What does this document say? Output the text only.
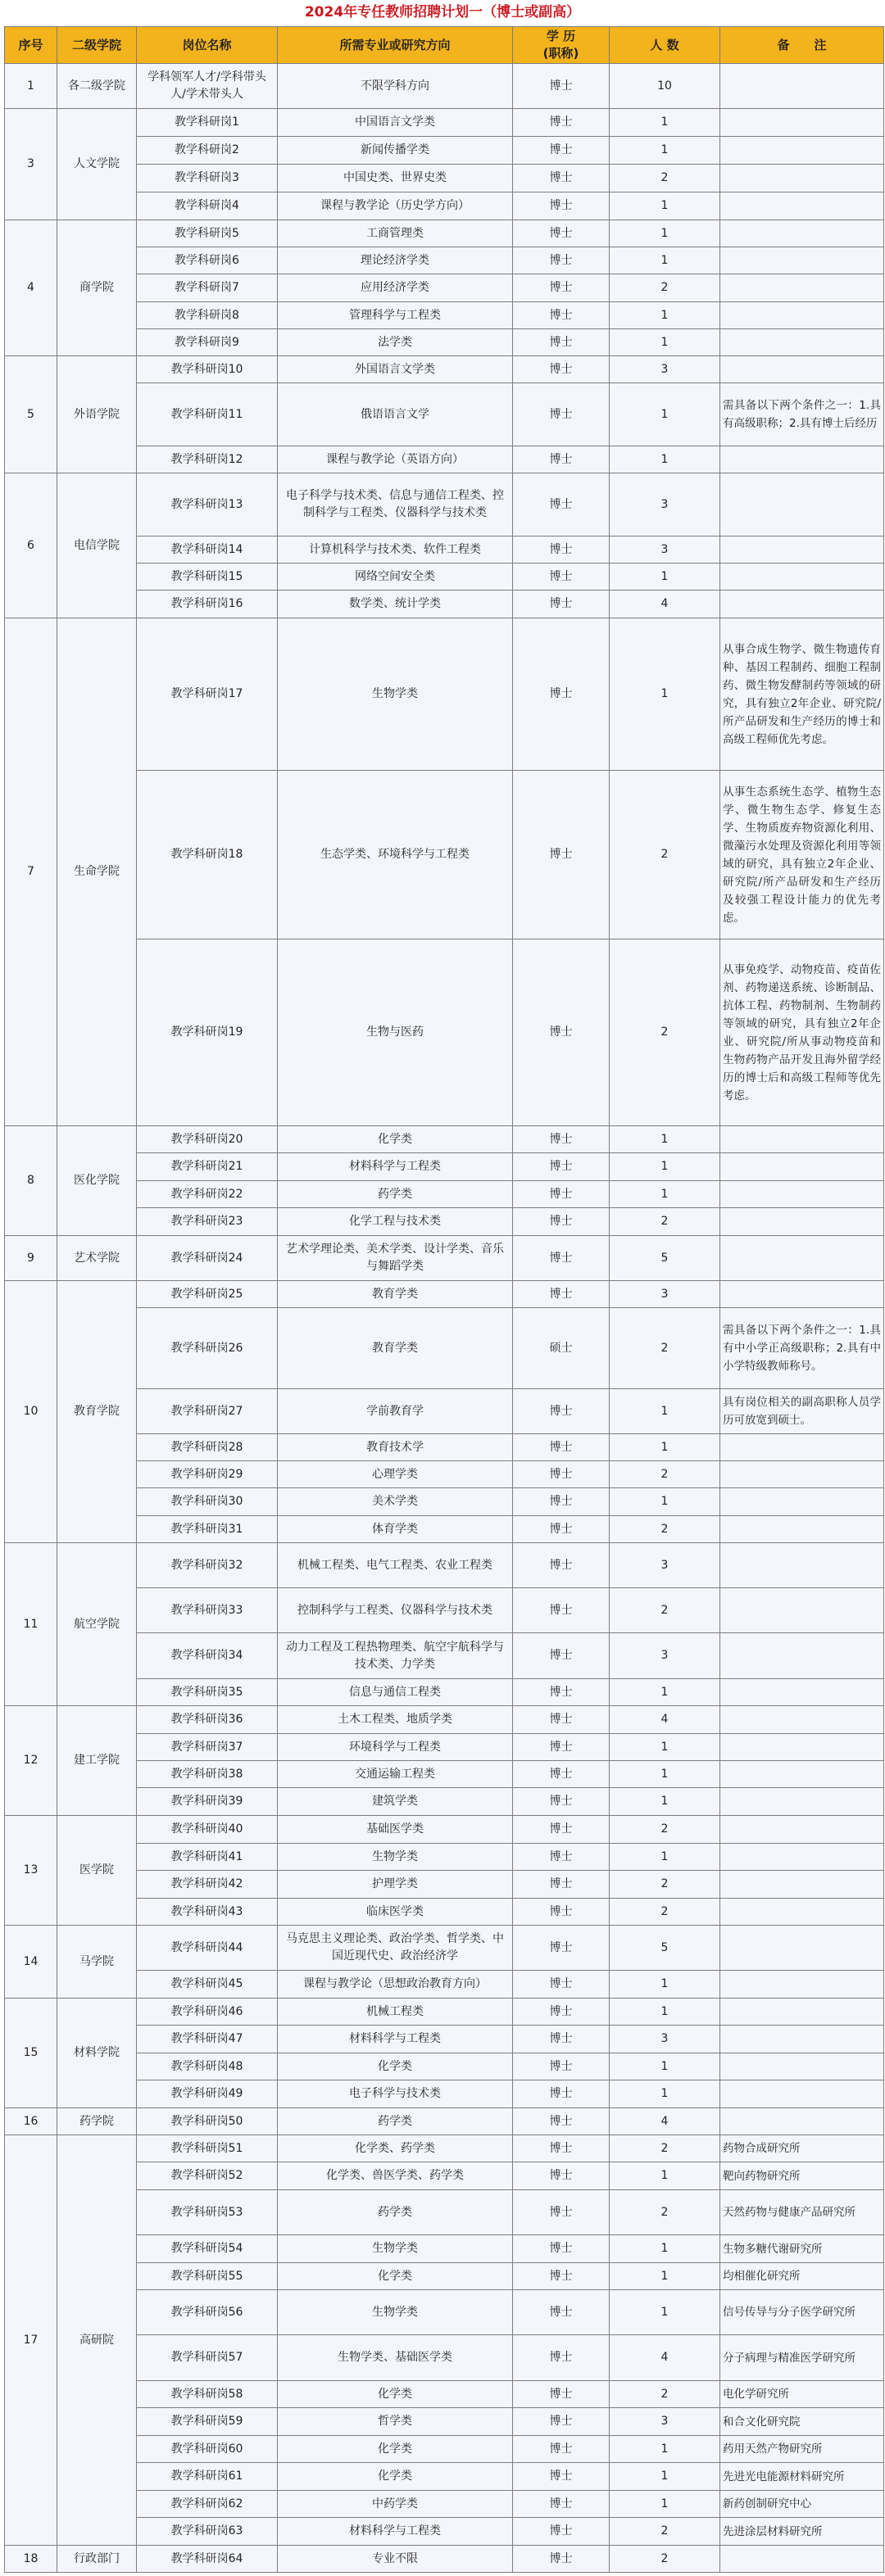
2024年专任教师招聘计划一（博士或副高）
序号	二级学院	岗位名称	所需专业或研究方向	学 历
(职称)	人 数	备　　注
1	各二级学院	学科领军人才/学科带头人/学术带头人	不限学科方向	博士	10	
3	人文学院	教学科研岗1	中国语言文学类	博士	1	
		教学科研岗2	新闻传播学类	博士	1	
		教学科研岗3	中国史类、世界史类	博士	2	
		教学科研岗4	课程与教学论（历史学方向）	博士	1	
4	商学院	教学科研岗5	工商管理类	博士	1	
		教学科研岗6	理论经济学类	博士	1	
		教学科研岗7	应用经济学类	博士	2	
		教学科研岗8	管理科学与工程类	博士	1	
		教学科研岗9	法学类	博士	1	
5	外语学院	教学科研岗10	外国语言文学类	博士	3	
		教学科研岗11	俄语语言文学	博士	1	需具备以下两个条件之一：1.具有高级职称；2.具有博士后经历
		教学科研岗12	课程与教学论（英语方向）	博士	1	
6	电信学院	教学科研岗13	电子科学与技术类、信息与通信工程类、控制科学与工程类、仪器科学与技术类	博士	3	
		教学科研岗14	计算机科学与技术类、软件工程类	博士	3	
		教学科研岗15	网络空间安全类	博士	1	
		教学科研岗16	数学类、统计学类	博士	4	
7	生命学院	教学科研岗17	生物学类	博士	1	从事合成生物学、微生物遗传育种、基因工程制药、细胞工程制药、微生物发酵制药等领域的研究，具有独立2年企业、研究院/所产品研发和生产经历的博士和高级工程师优先考虑。
		教学科研岗18	生态学类、环境科学与工程类	博士	2	从事生态系统生态学、植物生态学、微生物生态学、修复生态学、生物质废弃物资源化利用、微藻污水处理及资源化利用等领域的研究，具有独立2年企业、研究院/所产品研发和生产经历及较强工程设计能力的优先考虑。
		教学科研岗19	生物与医药	博士	2	从事免疫学、动物疫苗、疫苗佐剂、药物递送系统、诊断制品、抗体工程、药物制剂、生物制药等领域的研究，具有独立2年企业、研究院/所从事动物疫苗和生物药物产品开发且海外留学经历的博士后和高级工程师等优先考虑。
8	医化学院	教学科研岗20	化学类	博士	1	
		教学科研岗21	材料科学与工程类	博士	1	
		教学科研岗22	药学类	博士	1	
		教学科研岗23	化学工程与技术类	博士	2	
9	艺术学院	教学科研岗24	艺术学理论类、美术学类、设计学类、音乐与舞蹈学类	博士	5	
10	教育学院	教学科研岗25	教育学类	博士	3	
		教学科研岗26	教育学类	硕士	2	需具备以下两个条件之一：1.具有中小学正高级职称；2.具有中小学特级教师称号。
		教学科研岗27	学前教育学	博士	1	具有岗位相关的副高职称人员学历可放宽到硕士。
		教学科研岗28	教育技术学	博士	1	
		教学科研岗29	心理学类	博士	2	
		教学科研岗30	美术学类	博士	1	
		教学科研岗31	体育学类	博士	2	
11	航空学院	教学科研岗32	机械工程类、电气工程类、农业工程类	博士	3	
		教学科研岗33	控制科学与工程类、仪器科学与技术类	博士	2	
		教学科研岗34	动力工程及工程热物理类、航空宇航科学与技术类、力学类	博士	3	
		教学科研岗35	信息与通信工程类	博士	1	
12	建工学院	教学科研岗36	土木工程类、地质学类	博士	4	
		教学科研岗37	环境科学与工程类	博士	1	
		教学科研岗38	交通运输工程类	博士	1	
		教学科研岗39	建筑学类	博士	1	
13	医学院	教学科研岗40	基础医学类	博士	2	
		教学科研岗41	生物学类	博士	1	
		教学科研岗42	护理学类	博士	2	
		教学科研岗43	临床医学类	博士	2	
14	马学院	教学科研岗44	马克思主义理论类、政治学类、哲学类、中国近现代史、政治经济学	博士	5	
		教学科研岗45	课程与教学论（思想政治教育方向）	博士	1	
15	材料学院	教学科研岗46	机械工程类	博士	1	
		教学科研岗47	材料科学与工程类	博士	3	
		教学科研岗48	化学类	博士	1	
		教学科研岗49	电子科学与技术类	博士	1	
16	药学院	教学科研岗50	药学类	博士	4	
17	高研院	教学科研岗51	化学类、药学类	博士	2	药物合成研究所
		教学科研岗52	化学类、兽医学类、药学类	博士	1	靶向药物研究所
		教学科研岗53	药学类	博士	2	天然药物与健康产品研究所
		教学科研岗54	生物学类	博士	1	生物多糖代谢研究所
		教学科研岗55	化学类	博士	1	均相催化研究所
		教学科研岗56	生物学类	博士	1	信号传导与分子医学研究所
		教学科研岗57	生物学类、基础医学类	博士	4	分子病理与精准医学研究所
		教学科研岗58	化学类	博士	2	电化学研究所
		教学科研岗59	哲学类	博士	3	和合文化研究院
		教学科研岗60	化学类	博士	1	药用天然产物研究所
		教学科研岗61	化学类	博士	1	先进光电能源材料研究所
		教学科研岗62	中药学类	博士	1	新药创制研究中心
		教学科研岗63	材料科学与工程类	博士	2	先进涂层材料研究所
18	行政部门	教学科研岗64	专业不限	博士	2	
